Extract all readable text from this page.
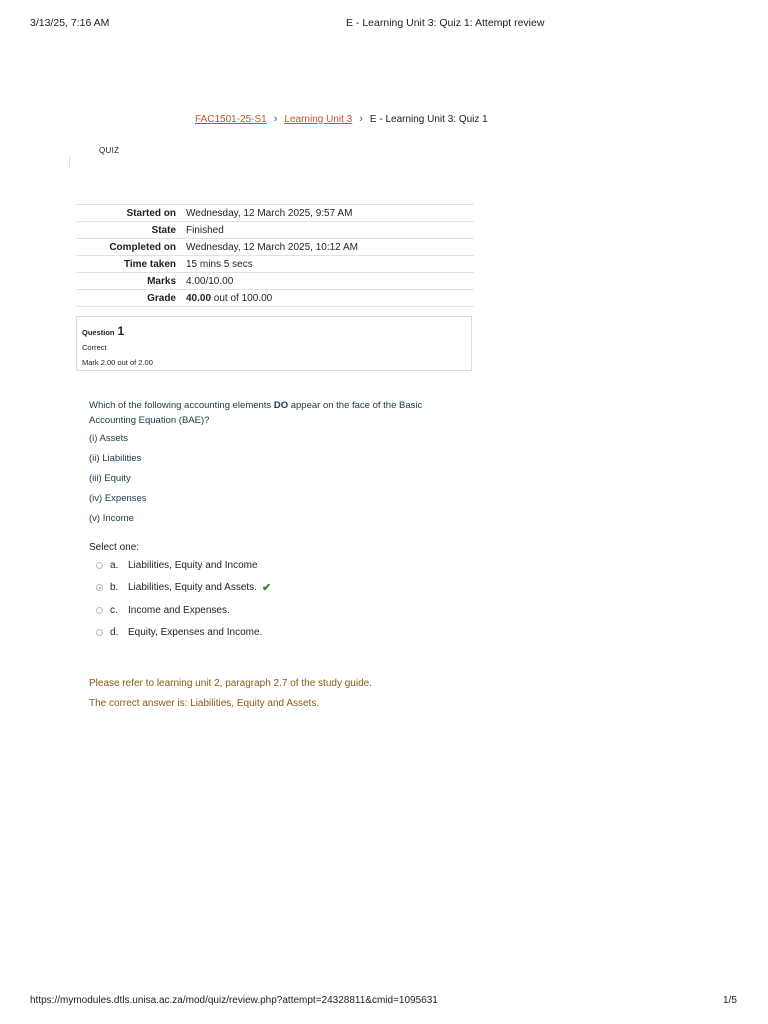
3/13/25, 7:16 AM	E - Learning Unit 3: Quiz 1: Attempt review
FAC1501-25-S1 › Learning Unit 3 › E - Learning Unit 3: Quiz 1
QUIZ
Started on	Wednesday, 12 March 2025, 9:57 AM
State	Finished
Completed on	Wednesday, 12 March 2025, 10:12 AM
Time taken	15 mins 5 secs
Marks	4.00/10.00
Grade	40.00 out of 100.00
Question 1
Correct
Mark 2.00 out of 2.00
Which of the following accounting elements DO appear on the face of the Basic Accounting Equation (BAE)?
(i) Assets
(ii) Liabilities
(iii) Equity
(iv) Expenses
(v) Income
Select one:
a. Liabilities, Equity and Income
b. Liabilities, Equity and Assets. ✔
c.	Income and Expenses.
d. Equity, Expenses and Income.
Please refer to learning unit 2, paragraph 2.7 of the study guide.
The correct answer is: Liabilities, Equity and Assets.
https://mymodules.dtls.unisa.ac.za/mod/quiz/review.php?attempt=24328811&cmid=1095631	1/5
